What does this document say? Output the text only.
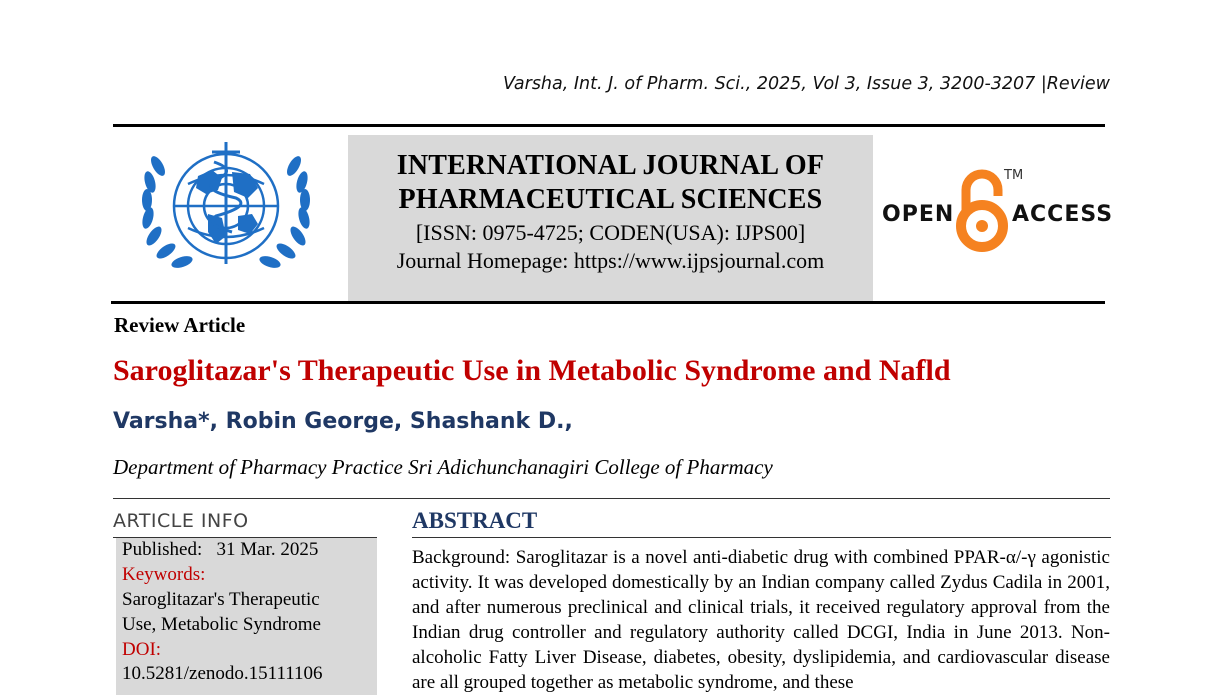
Varsha, Int. J. of Pharm. Sci., 2025, Vol 3, Issue 3, 3200-3207 |Review
INTERNATIONAL JOURNAL OF
PHARMACEUTICAL SCIENCES
[ISSN: 0975-4725; CODEN(USA): IJPS00]
Journal Homepage: https://www.ijpsjournal.com
OPEN
TM
ACCESS
Review Article
Saroglitazar's Therapeutic Use in Metabolic Syndrome and Nafld
Varsha*, Robin George, Shashank D.,
Department of Pharmacy Practice Sri Adichunchanagiri College of Pharmacy
ARTICLE INFO
Published: 31 Mar. 2025
Keywords:
Saroglitazar's Therapeutic
Use, Metabolic Syndrome
DOI:
10.5281/zenodo.15111106
ABSTRACT
Background: Saroglitazar is a novel anti-diabetic drug with combined PPAR-α/-γ agonistic activity. It was developed domestically by an Indian company called Zydus Cadila in 2001, and after numerous preclinical and clinical trials, it received regulatory approval from the Indian drug controller and regulatory authority called DCGI, India in June 2013. Non-alcoholic Fatty Liver Disease, diabetes, obesity, dyslipidemia, and cardiovascular disease are all grouped together as metabolic syndrome, and these
